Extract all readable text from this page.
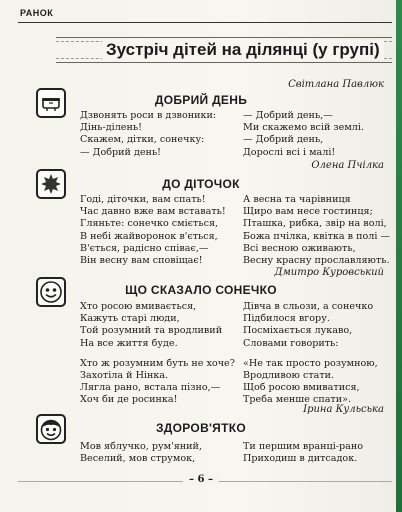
РАНОК
Зустріч дітей на ділянці (у групі)
Світлана Павлюк
ДОБРИЙ ДЕНЬ
Дзвонять роси в дзвоники:
Дінь-ділень!
Скажем, дітки, сонечку:
— Добрий день!
— Добрий день,—
Ми скажемо всій землі.
— Добрий день,
Дорослі всі і малі!
Олена Пчілка
ДО ДІТОЧОК
Годі, діточки, вам спать!
Час давно вже вам вставать!
Гляньте: сонечко сміється,
В небі жайворонок в'ється,
В'ється, радісно співає,—
Він весну вам сповіщає!
А весна та чарівниця
Щиро вам несе гостинця;
Пташка, рибка, звір на волі,
Божа пчілка, квітка в полі —
Всі весною оживають,
Весну красну прославляють.
Дмитро Куровський
ЩО СКАЗАЛО СОНЕЧКО
Хто росою вмивається,
Кажуть старі люди,
Той розумний та вродливий
На все життя буде.
Хто ж розумним буть не хоче?
Захотіла й Нінка.
Лягла рано, встала пізно,—
Хоч би де росинка!
Дівча в сльози, а сонечко
Підбилося вгору.
Посміхається лукаво,
Словами говорить:
«Не так просто розумною,
Вродливою стати.
Щоб росою вмиватися,
Треба менше спати».
Ірина Кульська
ЗДОРОВ'ЯТКО
Мов яблучко, рум'яний,
Веселий, мов струмок,
Ти першим вранці-рано
Приходиш в дитсадок.
– 6 –
